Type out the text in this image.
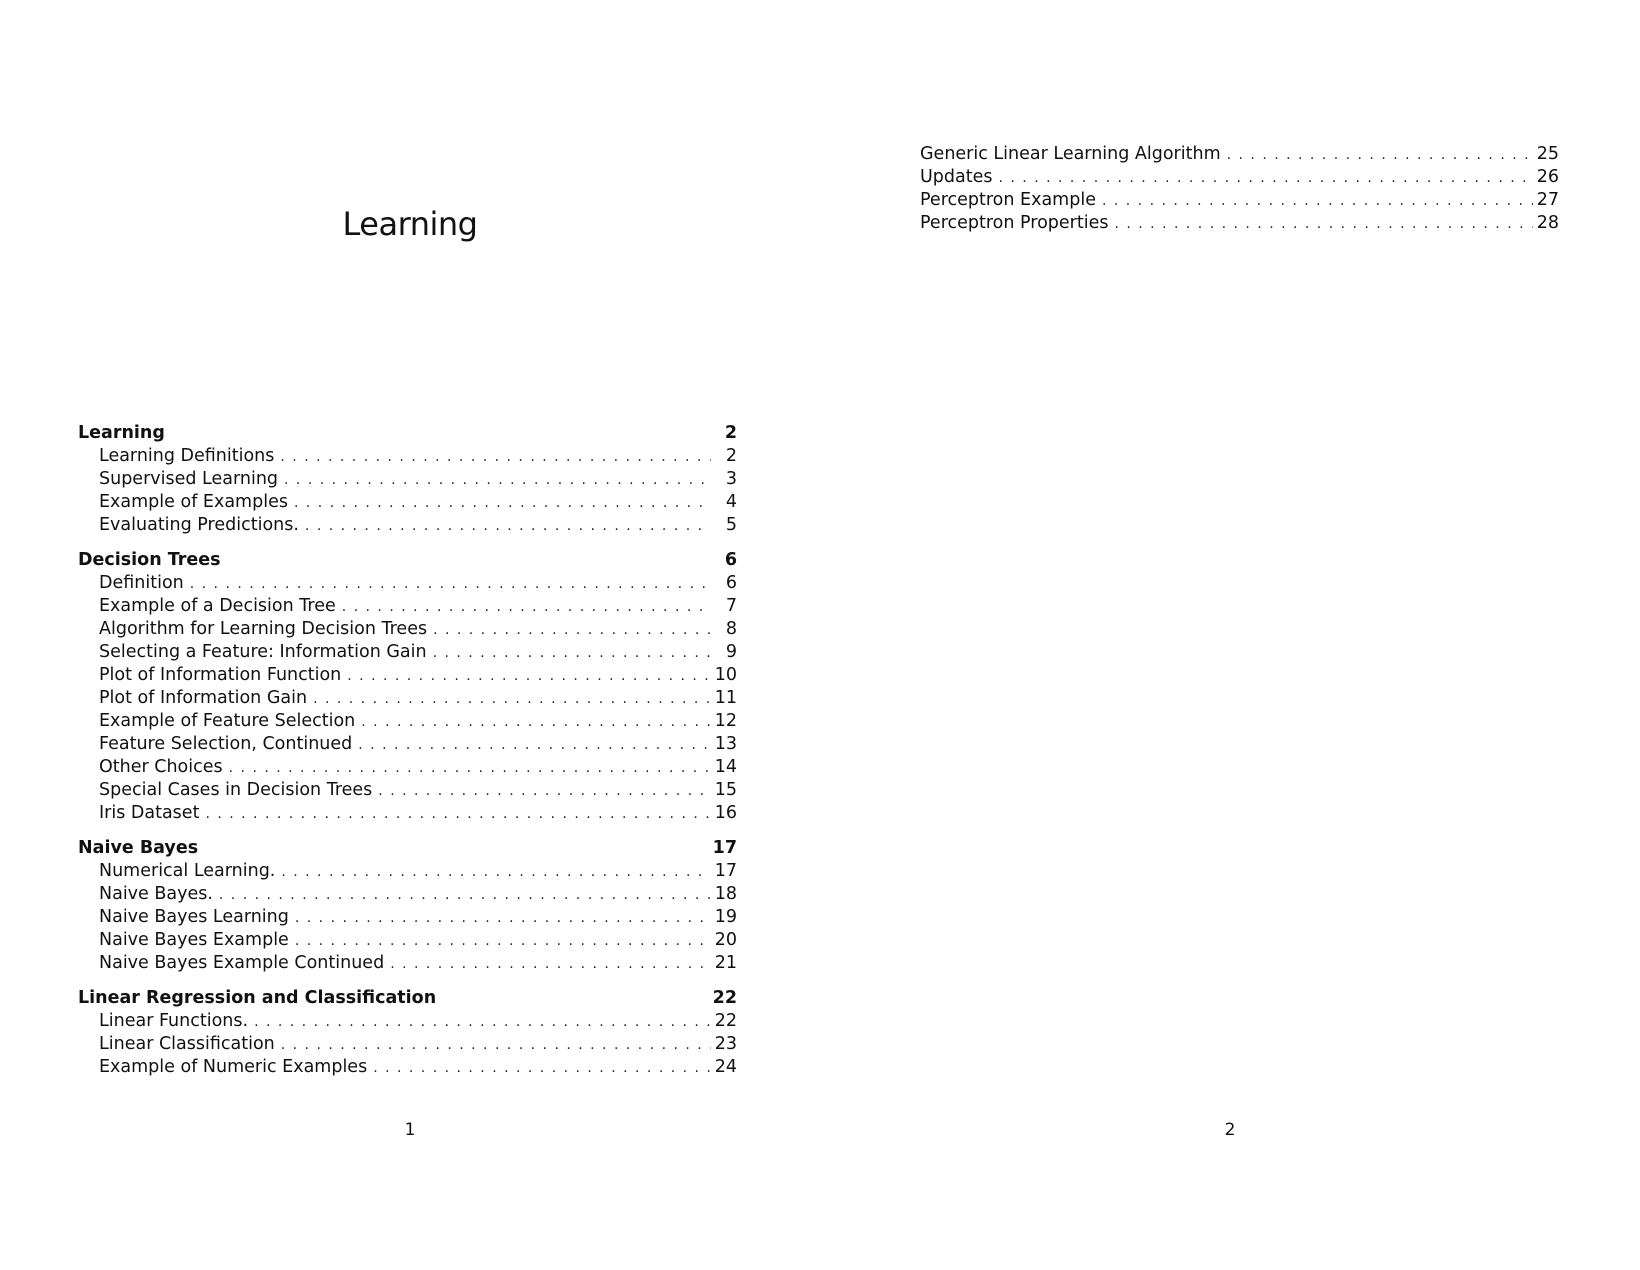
Learning
Learning	2
Learning Definitions . . .	2
Supervised Learning . . .	3
Example of Examples . . .	4
Evaluating Predictions. . . .	5
Decision Trees	6
Definition . . .	6
Example of a Decision Tree . . .	7
Algorithm for Learning Decision Trees . . .	8
Selecting a Feature: Information Gain . . .	9
Plot of Information Function . . .	10
Plot of Information Gain . . .	11
Example of Feature Selection . . .	12
Feature Selection, Continued . . .	13
Other Choices . . .	14
Special Cases in Decision Trees . . .	15
Iris Dataset . . .	16
Naive Bayes	17
Numerical Learning. . . .	17
Naive Bayes. . . .	18
Naive Bayes Learning . . .	19
Naive Bayes Example . . .	20
Naive Bayes Example Continued . . .	21
Linear Regression and Classification	22
Linear Functions. . . .	22
Linear Classification . . .	23
Example of Numeric Examples . . .	24
1
Generic Linear Learning Algorithm . . .	25
Updates . . .	26
Perceptron Example . . .	27
Perceptron Properties . . .	28
2
